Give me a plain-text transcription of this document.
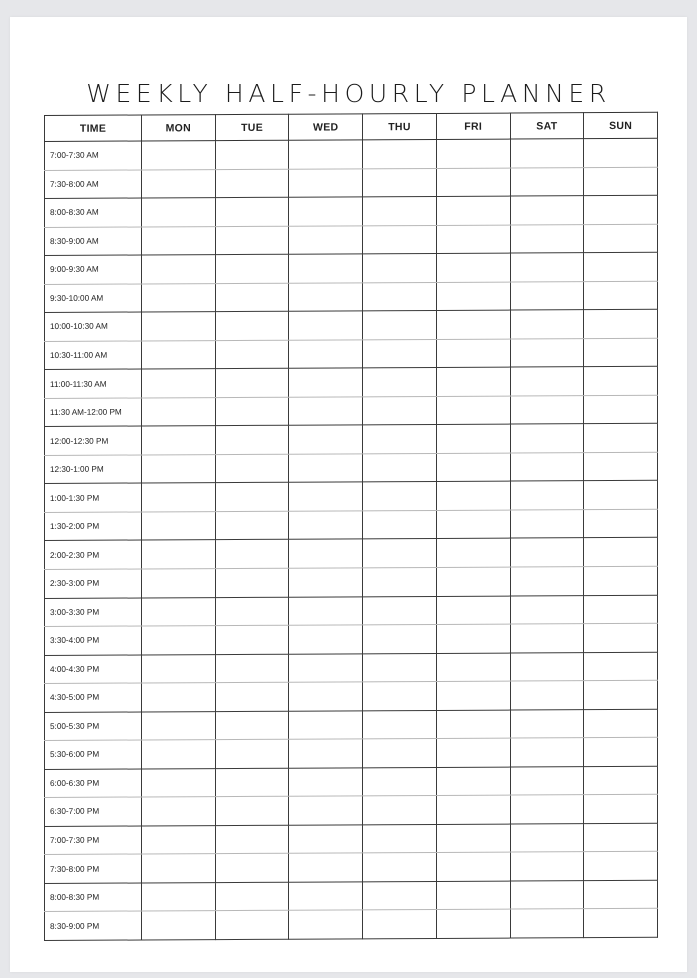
WEEKLY HALF-HOURLY PLANNER
TIME	MON	TUE	WED	THU	FRI	SAT	SUN
7:00-7:30 AM							
7:30-8:00 AM							
8:00-8:30 AM							
8:30-9:00 AM							
9:00-9:30 AM							
9:30-10:00 AM							
10:00-10:30 AM							
10:30-11:00 AM							
11:00-11:30 AM							
11:30 AM-12:00 PM							
12:00-12:30 PM							
12:30-1:00 PM							
1:00-1:30 PM							
1:30-2:00 PM							
2:00-2:30 PM							
2:30-3:00 PM							
3:00-3:30 PM							
3:30-4:00 PM							
4:00-4:30 PM							
4:30-5:00 PM							
5:00-5:30 PM							
5:30-6:00 PM							
6:00-6:30 PM							
6:30-7:00 PM							
7:00-7:30 PM							
7:30-8:00 PM							
8:00-8:30 PM							
8:30-9:00 PM							
